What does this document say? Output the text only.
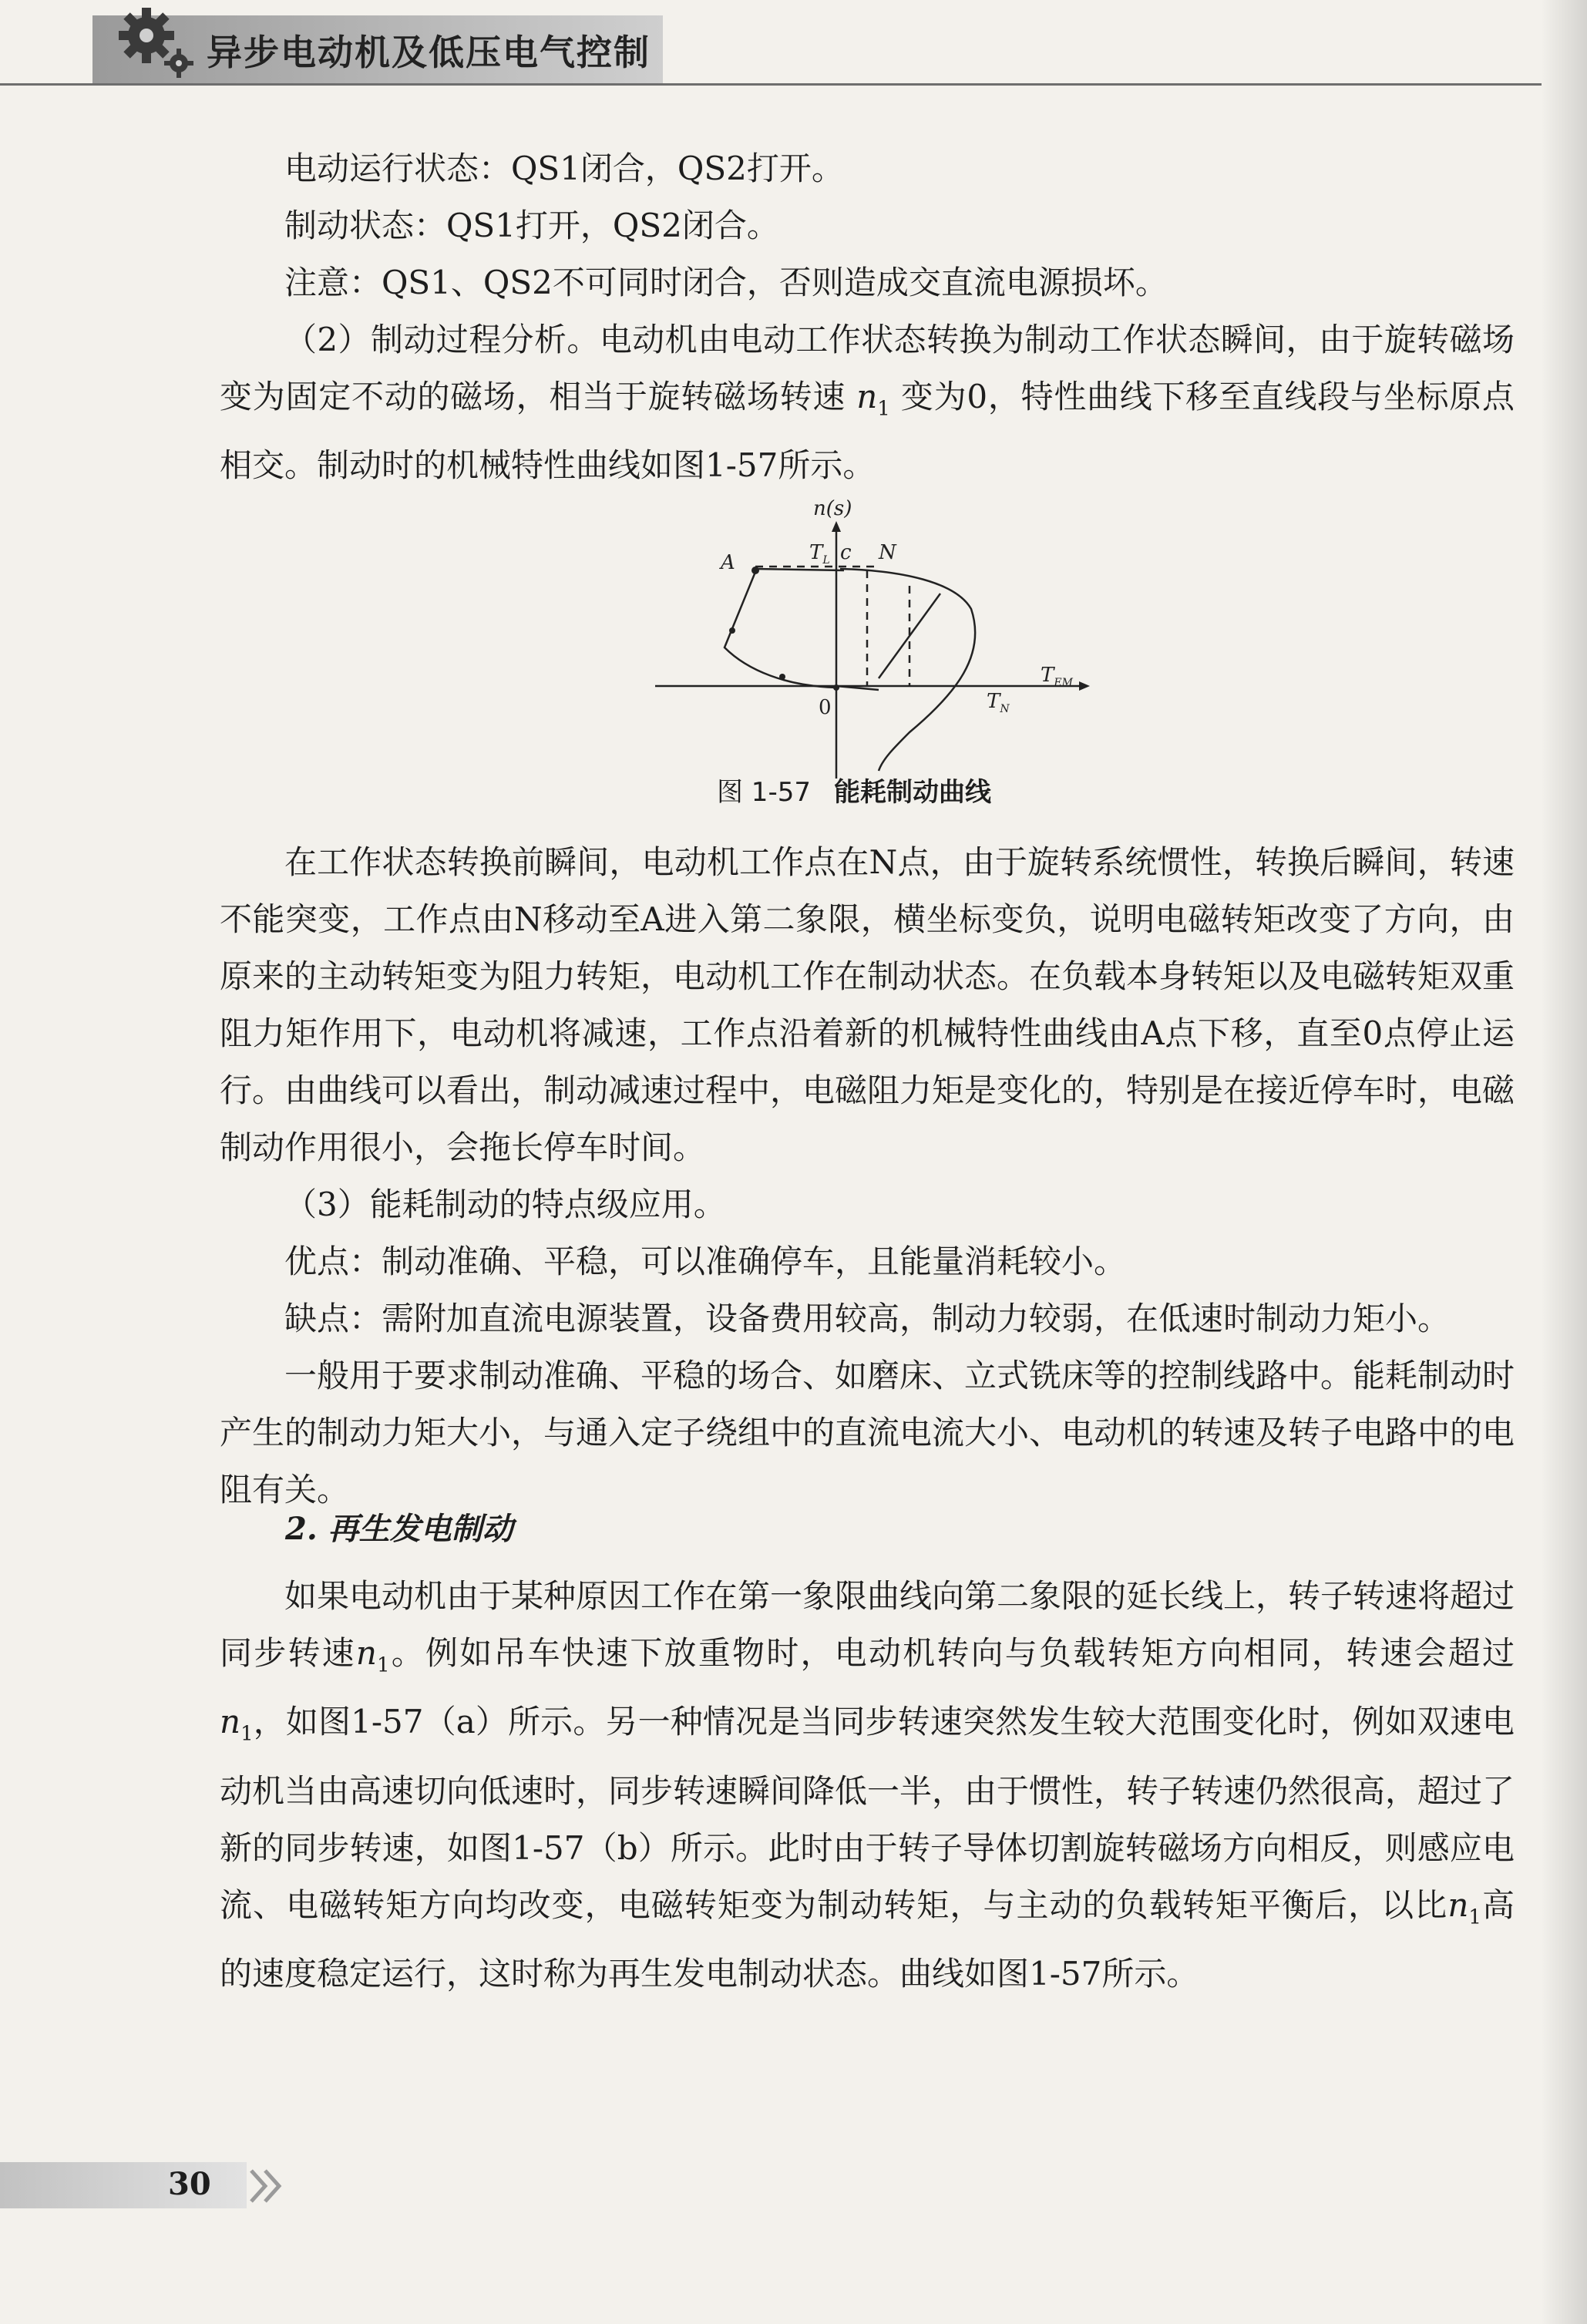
异步电动机及低压电气控制

电动运行状态：QS1闭合，QS2打开。

制动状态：QS1打开，QS2闭合。

注意：QS1、QS2不可同时闭合，否则造成交直流电源损坏。

（2）制动过程分析。电动机由电动工作状态转换为制动工作状态瞬间，由于旋转磁场变为固定不动的磁场，相当于旋转磁场转速 $n_1$ 变为0，特性曲线下移至直线段与坐标原点相交。制动时的机械特性曲线如图1-57所示。

n(s)
$T_{EM}$
$T_L$ c N
A
0	$T_N$
图 1-57 能耗制动曲线

在工作状态转换前瞬间，电动机工作点在N点，由于旋转系统惯性，转换后瞬间，转速不能突变，工作点由N移动至A进入第二象限，横坐标变负，说明电磁转矩改变了方向，由原来的主动转矩变为阻力转矩，电动机工作在制动状态。在负载本身转矩以及电磁转矩双重阻力矩作用下，电动机将减速，工作点沿着新的机械特性曲线由A点下移，直至0点停止运行。由曲线可以看出，制动减速过程中，电磁阻力矩是变化的，特别是在接近停车时，电磁制动作用很小，会拖长停车时间。

（3）能耗制动的特点级应用。

优点：制动准确、平稳，可以准确停车，且能量消耗较小。

缺点：需附加直流电源装置，设备费用较高，制动力较弱，在低速时制动力矩小。

一般用于要求制动准确、平稳的场合、如磨床、立式铣床等的控制线路中。能耗制动时产生的制动力矩大小，与通入定子绕组中的直流电流大小、电动机的转速及转子电路中的电阻有关。

2. 再生发电制动

如果电动机由于某种原因工作在第一象限曲线向第二象限的延长线上，转子转速将超过同步转速$n_1$。例如吊车快速下放重物时，电动机转向与负载转矩方向相同，转速会超过$n_1$，如图1-57（a）所示。另一种情况是当同步转速突然发生较大范围变化时，例如双速电动机当由高速切向低速时，同步转速瞬间降低一半，由于惯性，转子转速仍然很高，超过了新的同步转速，如图1-57（b）所示。此时由于转子导体切割旋转磁场方向相反，则感应电流、电磁转矩方向均改变，电磁转矩变为制动转矩，与主动的负载转矩平衡后，以比$n_1$高的速度稳定运行，这时称为再生发电制动状态。曲线如图1-57所示。

30
